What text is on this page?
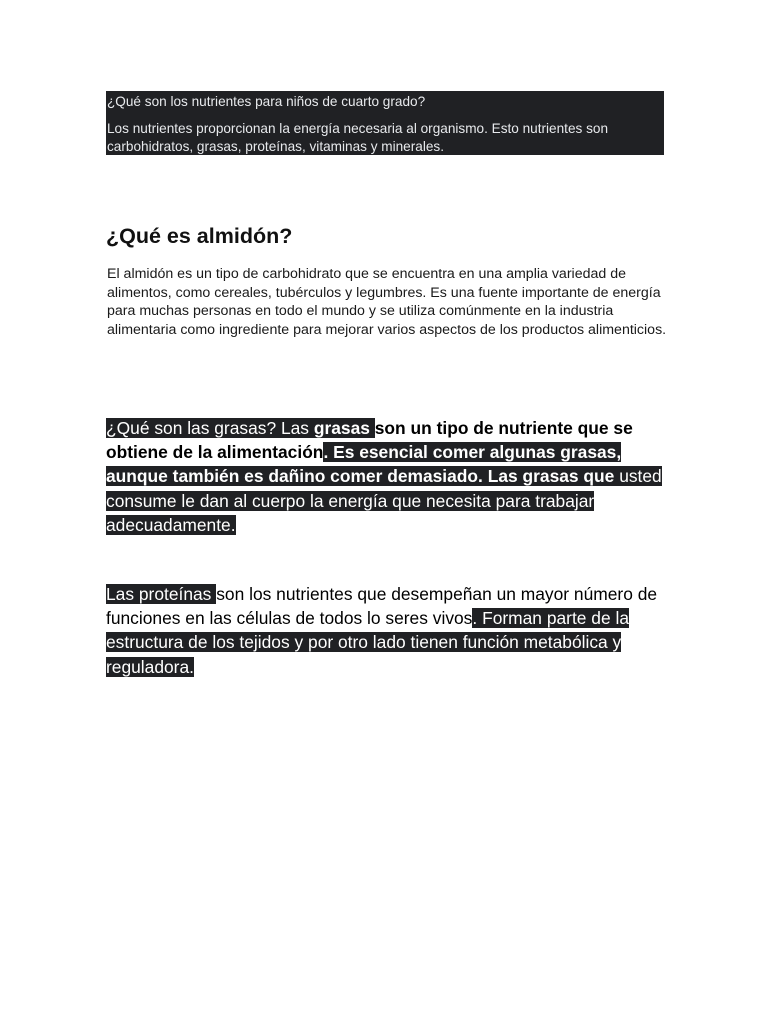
¿Qué son los nutrientes para niños de cuarto grado?

Los nutrientes proporcionan la energía necesaria al organismo. Esto nutrientes son carbohidratos, grasas, proteínas, vitaminas y minerales.

¿Qué es almidón?

El almidón es un tipo de carbohidrato que se encuentra en una amplia variedad de alimentos, como cereales, tubérculos y legumbres. Es una fuente importante de energía para muchas personas en todo el mundo y se utiliza comúnmente en la industria alimentaria como ingrediente para mejorar varios aspectos de los productos alimenticios.

¿Qué son las grasas? Las grasas son un tipo de nutriente que se obtiene de la alimentación. Es esencial comer algunas grasas, aunque también es dañino comer demasiado. Las grasas que usted consume le dan al cuerpo la energía que necesita para trabajar adecuadamente.

Las proteínas son los nutrientes que desempeñan un mayor número de funciones en las células de todos lo seres vivos. Forman parte de la estructura de los tejidos y por otro lado tienen función metabólica y reguladora.
